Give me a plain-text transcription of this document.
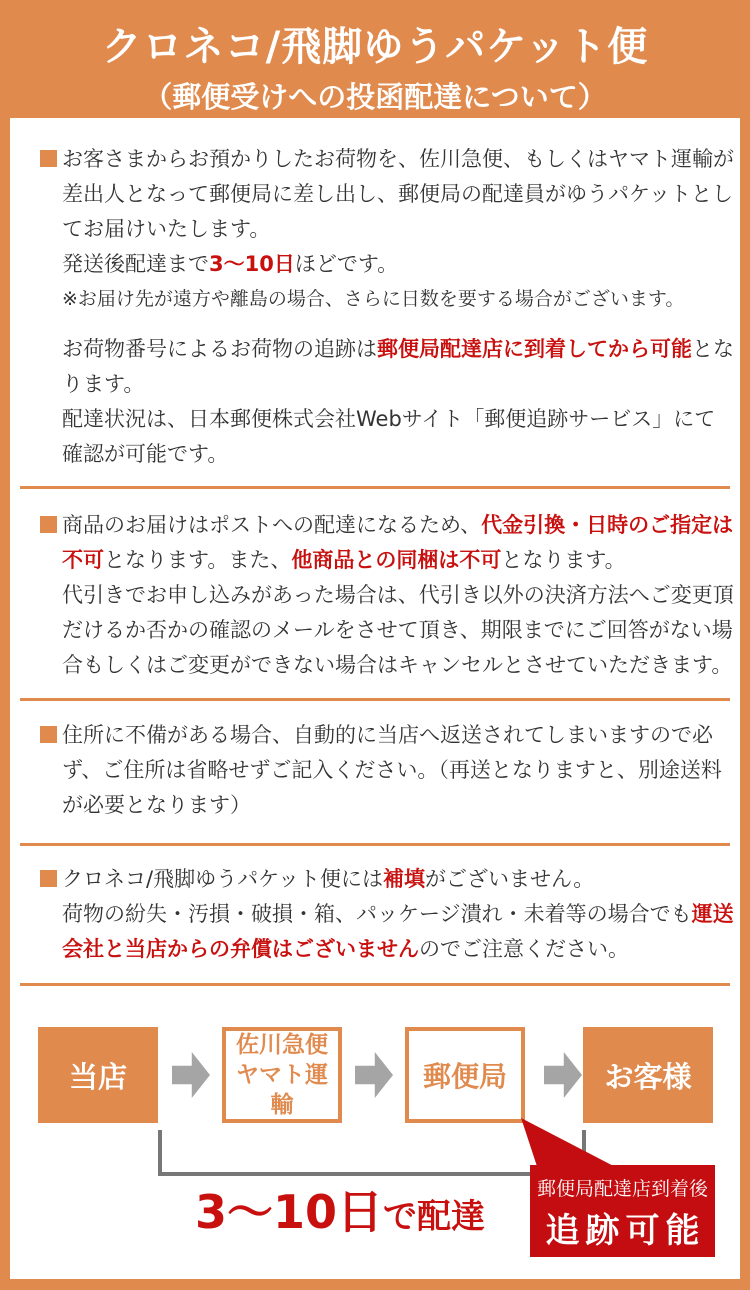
クロネコ/飛脚ゆうパケット便
（郵便受けへの投函配達について）

お客さまからお預かりしたお荷物を、佐川急便、もしくはヤマト運輸が差出人となって郵便局に差し出し、郵便局の配達員がゆうパケットとしてお届けいたします。

発送後配達まで3～10日ほどです。

※お届け先が遠方や離島の場合、さらに日数を要する場合がございます。

お荷物番号によるお荷物の追跡は郵便局配達店に到着してから可能となります。

配達状況は、日本郵便株式会社Webサイト「郵便追跡サービス」にて確認が可能です。

商品のお届けはポストへの配達になるため、代金引換・日時のご指定は不可となります。また、他商品との同梱は不可となります。

代引きでお申し込みがあった場合は、代引き以外の決済方法へご変更頂だけるか否かの確認のメールをさせて頂き、期限までにご回答がない場合もしくはご変更ができない場合はキャンセルとさせていただきます。

住所に不備がある場合、自動的に当店へ返送されてしまいますので必ず、ご住所は省略せずご記入ください。（再送となりますと、別途送料が必要となります）

クロネコ/飛脚ゆうパケット便には補填がございません。

荷物の紛失・汚損・破損・箱、パッケージ潰れ・未着等の場合でも運送会社と当店からの弁償はございませんのでご注意ください。

当店
佐川急便
ヤマト運輸
郵便局	お客様
郵便局配達店到着後
追跡可能
3～10日で配達
